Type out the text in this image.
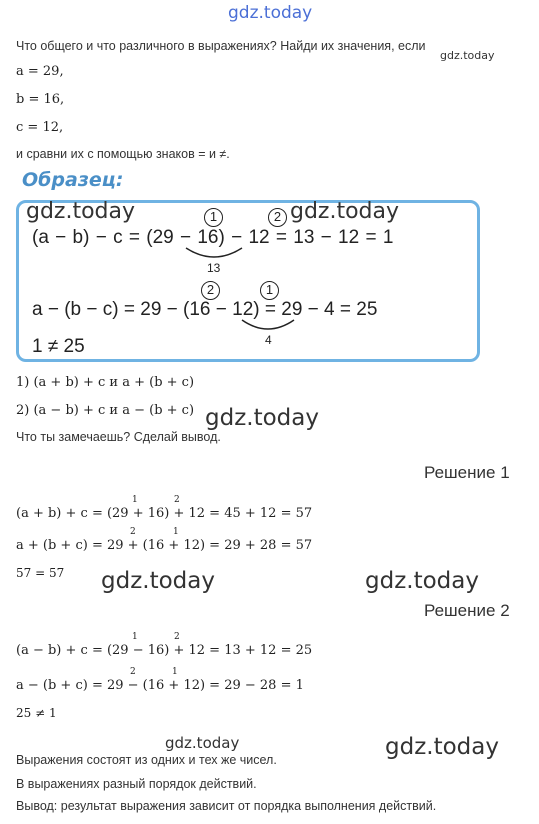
gdz.today
Что общего и что различного в выражениях? Найди их значения, если
gdz.today
a = 29,
b = 16,
c = 12,
и сравни их с помощью знаков = и ≠.
Образец:
gdz.today	gdz.today
1	2
(a − b) − c = (29 − 16) − 12 = 13 − 12 = 1
13
2	1
a − (b − c) = 29 − (16 − 12) = 29 − 4 = 25
4
1 ≠ 25
1) (a + b) + c и a + (b + c)
2) (a − b) + c и a − (b + c) gdz.today
Что ты замечаешь? Сделай вывод.
Решение 1
1	2
(a + b) + c = (29 + 16) + 12 = 45 + 12 = 57
2	1
a + (b + c) = 29 + (16 + 12) = 29 + 28 = 57
57 = 57 gdz.today	gdz.today
Решение 2
1	2
(a − b) + c = (29 − 16) + 12 = 13 + 12 = 25
2	1
a − (b + c) = 29 − (16 + 12) = 29 − 28 = 1
25 ≠ 1
gdz.today	gdz.today
Выражения состоят из одних и тех же чисел.
В выражениях разный порядок действий.
Вывод: результат выражения зависит от порядка выполнения действий.
